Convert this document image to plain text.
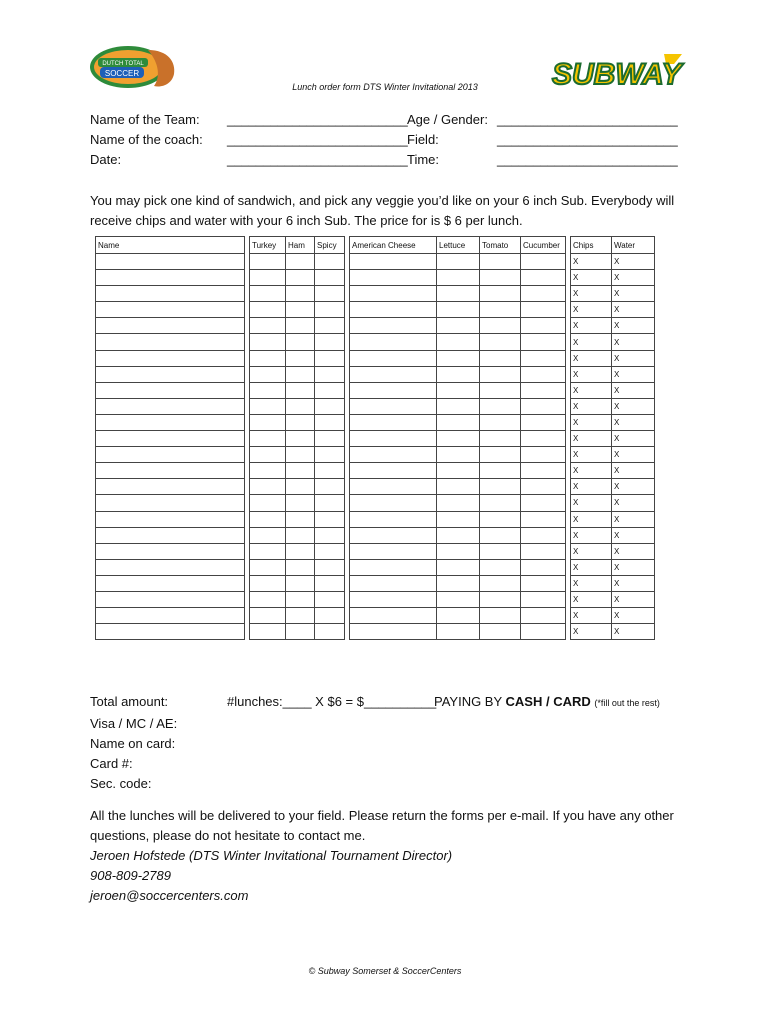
DUTCH TOTAL
SOCCER	SUBWAY
Lunch order form DTS Winter Invitational 2013
Name of the Team: _________________________ Age / Gender: _________________________
Name of the coach: _________________________ Field:	_________________________
Date:	_________________________ Time:	_________________________
You may pick one kind of sandwich, and pick any veggie you’d like on your 6 inch Sub. Everybody will
receive chips and water with your 6 inch Sub. The price for is $ 6 per lunch.
Name		Turkey	Ham	Spicy		American Cheese	Lettuce	Tomato	Cucumber		Chips	Water
											X	X
											X	X
											X	X
											X	X
											X	X
											X	X
											X	X
											X	X
											X	X
											X	X
											X	X
											X	X
											X	X
											X	X
											X	X
											X	X
											X	X
											X	X
											X	X
											X	X
											X	X
											X	X
											X	X
											X	X
Total amount:	#lunches:____ X $6 = $__________
PAYING BY CASH / CARD (*fill out the rest)
Visa / MC / AE:
Name on card:
Card #:
Sec. code:
All the lunches will be delivered to your field. Please return the forms per e-mail. If you have any other
questions, please do not hesitate to contact me.
Jeroen Hofstede (DTS Winter Invitational Tournament Director)
908-809-2789
jeroen@soccercenters.com
© Subway Somerset & SoccerCenters
